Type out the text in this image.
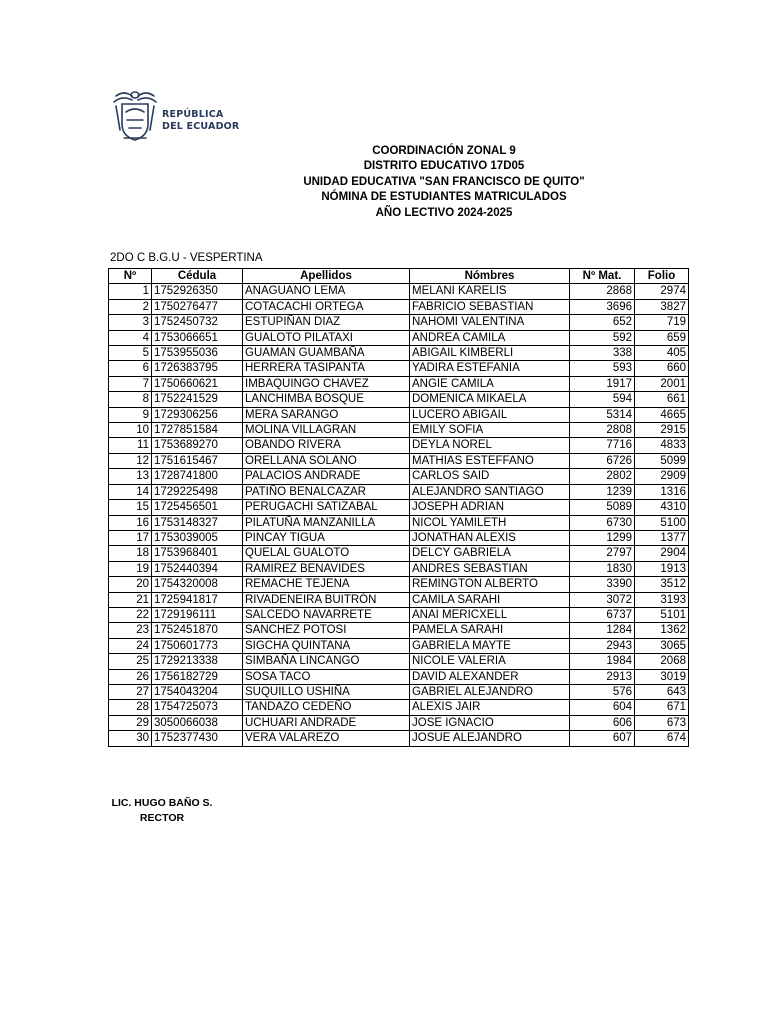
REPÚBLICA
DEL ECUADOR
COORDINACIÓN ZONAL 9
DISTRITO EDUCATIVO 17D05
UNIDAD EDUCATIVA "SAN FRANCISCO DE QUITO"
NÓMINA DE ESTUDIANTES MATRICULADOS
AÑO LECTIVO 2024-2025
2DO C B.G.U - VESPERTINA
Nº	Cédula	Apellidos	Nómbres	Nº Mat.	Folio
1	1752926350	ANAGUANO LEMA	MELANI KARELIS	2868	2974
2	1750276477	COTACACHI ORTEGA	FABRICIO SEBASTIAN	3696	3827
3	1752450732	ESTUPIÑAN DIAZ	NAHOMI VALENTINA	652	719
4	1753066651	GUALOTO PILATAXI	ANDREA CAMILA	592	659
5	1753955036	GUAMAN GUAMBAÑA	ABIGAIL KIMBERLI	338	405
6	1726383795	HERRERA TASIPANTA	YADIRA ESTEFANIA	593	660
7	1750660621	IMBAQUINGO CHAVEZ	ANGIE CAMILA	1917	2001
8	1752241529	LANCHIMBA BOSQUE	DOMENICA MIKAELA	594	661
9	1729306256	MERA SARANGO	LUCERO ABIGAIL	5314	4665
10	1727851584	MOLINA VILLAGRAN	EMILY SOFIA	2808	2915
11	1753689270	OBANDO RIVERA	DEYLA NOREL	7716	4833
12	1751615467	ORELLANA SOLANO	MATHIAS ESTEFFANO	6726	5099
13	1728741800	PALACIOS ANDRADE	CARLOS SAID	2802	2909
14	1729225498	PATIÑO BENALCAZAR	ALEJANDRO SANTIAGO	1239	1316
15	1725456501	PERUGACHI SATIZABAL	JOSEPH ADRIAN	5089	4310
16	1753148327	PILATUÑA MANZANILLA	NICOL YAMILETH	6730	5100
17	1753039005	PINCAY TIGUA	JONATHAN ALEXIS	1299	1377
18	1753968401	QUELAL GUALOTO	DELCY GABRIELA	2797	2904
19	1752440394	RAMIREZ BENAVIDES	ANDRES SEBASTIAN	1830	1913
20	1754320008	REMACHE TEJENA	REMINGTON ALBERTO	3390	3512
21	1725941817	RIVADENEIRA BUITRÓN	CAMILA SARAHI	3072	3193
22	1729196111	SALCEDO NAVARRETE	ANAI MERICXELL	6737	5101
23	1752451870	SANCHEZ POTOSI	PAMELA SARAHI	1284	1362
24	1750601773	SIGCHA QUINTANA	GABRIELA MAYTE	2943	3065
25	1729213338	SIMBAÑA LINCANGO	NICOLE VALERIA	1984	2068
26	1756182729	SOSA TACO	DAVID ALEXANDER	2913	3019
27	1754043204	SUQUILLO USHIÑA	GABRIEL ALEJANDRO	576	643
28	1754725073	TANDAZO CEDEÑO	ALEXIS JAIR	604	671
29	3050066038	UCHUARI ANDRADE	JOSE IGNACIO	606	673
30	1752377430	VERA VALAREZO	JOSUE ALEJANDRO	607	674
LIC. HUGO BAÑO S.
RECTOR
